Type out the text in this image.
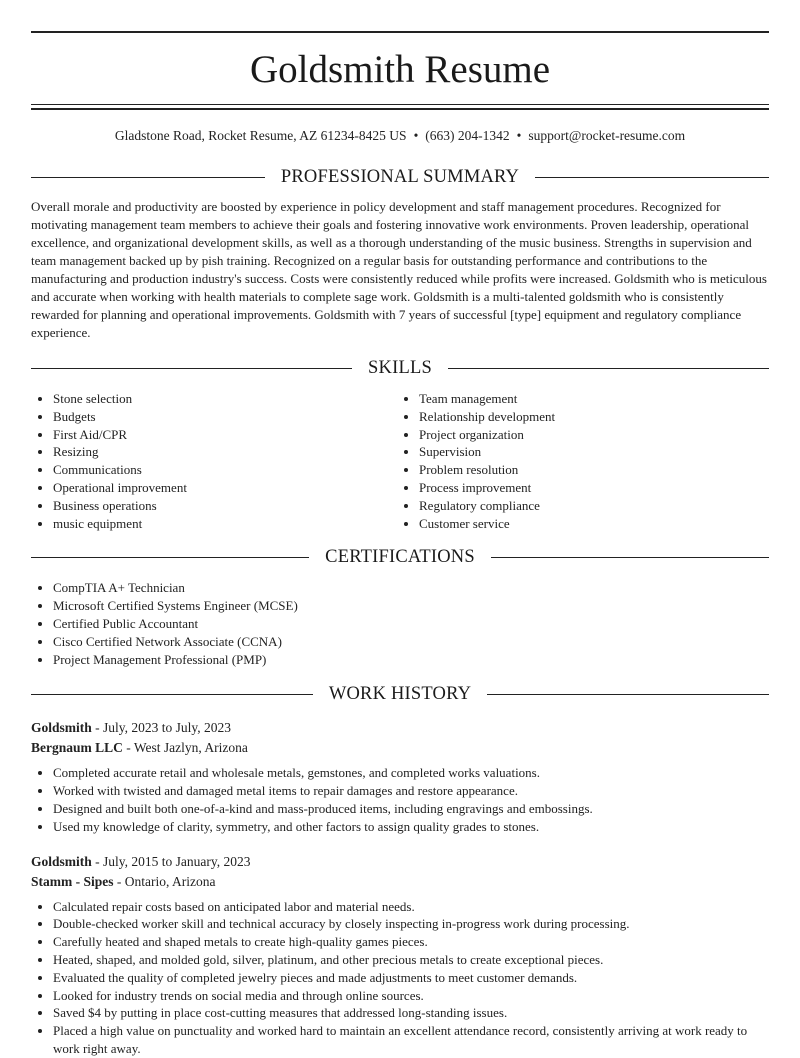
Goldsmith Resume
Gladstone Road, Rocket Resume, AZ 61234-8425 US • (663) 204-1342 • support@rocket-resume.com
PROFESSIONAL SUMMARY
Overall morale and productivity are boosted by experience in policy development and staff management procedures. Recognized for motivating management team members to achieve their goals and fostering innovative work environments. Proven leadership, operational excellence, and organizational development skills, as well as a thorough understanding of the music business. Strengths in supervision and team management backed up by pish training. Recognized on a regular basis for outstanding performance and contributions to the manufacturing and production industry's success. Costs were consistently reduced while profits were increased. Goldsmith who is meticulous and accurate when working with health materials to complete sage work. Goldsmith is a multi-talented goldsmith who is consistently rewarded for planning and operational improvements. Goldsmith with 7 years of successful [type] equipment and regulatory compliance experience.
SKILLS
• Stone selection
• Budgets
• First Aid/CPR
• Resizing
• Communications
• Operational improvement
• Business operations
• music equipment
• Team management
• Relationship development
• Project organization
• Supervision
• Problem resolution
• Process improvement
• Regulatory compliance
• Customer service
CERTIFICATIONS
• CompTIA A+ Technician
• Microsoft Certified Systems Engineer (MCSE)
• Certified Public Accountant
• Cisco Certified Network Associate (CCNA)
• Project Management Professional (PMP)
WORK HISTORY
Goldsmith - July, 2023 to July, 2023
Bergnaum LLC - West Jazlyn, Arizona
• Completed accurate retail and wholesale metals, gemstones, and completed works valuations.
• Worked with twisted and damaged metal items to repair damages and restore appearance.
• Designed and built both one-of-a-kind and mass-produced items, including engravings and embossings.
• Used my knowledge of clarity, symmetry, and other factors to assign quality grades to stones.
Goldsmith - July, 2015 to January, 2023
Stamm - Sipes - Ontario, Arizona
• Calculated repair costs based on anticipated labor and material needs.
• Double-checked worker skill and technical accuracy by closely inspecting in-progress work during processing.
• Carefully heated and shaped metals to create high-quality games pieces.
• Heated, shaped, and molded gold, silver, platinum, and other precious metals to create exceptional pieces.
• Evaluated the quality of completed jewelry pieces and made adjustments to meet customer demands.
• Looked for industry trends on social media and through online sources.
• Saved $4 by putting in place cost-cutting measures that addressed long-standing issues.
• Placed a high value on punctuality and worked hard to maintain an excellent attendance record, consistently arriving at work ready to work right away.
